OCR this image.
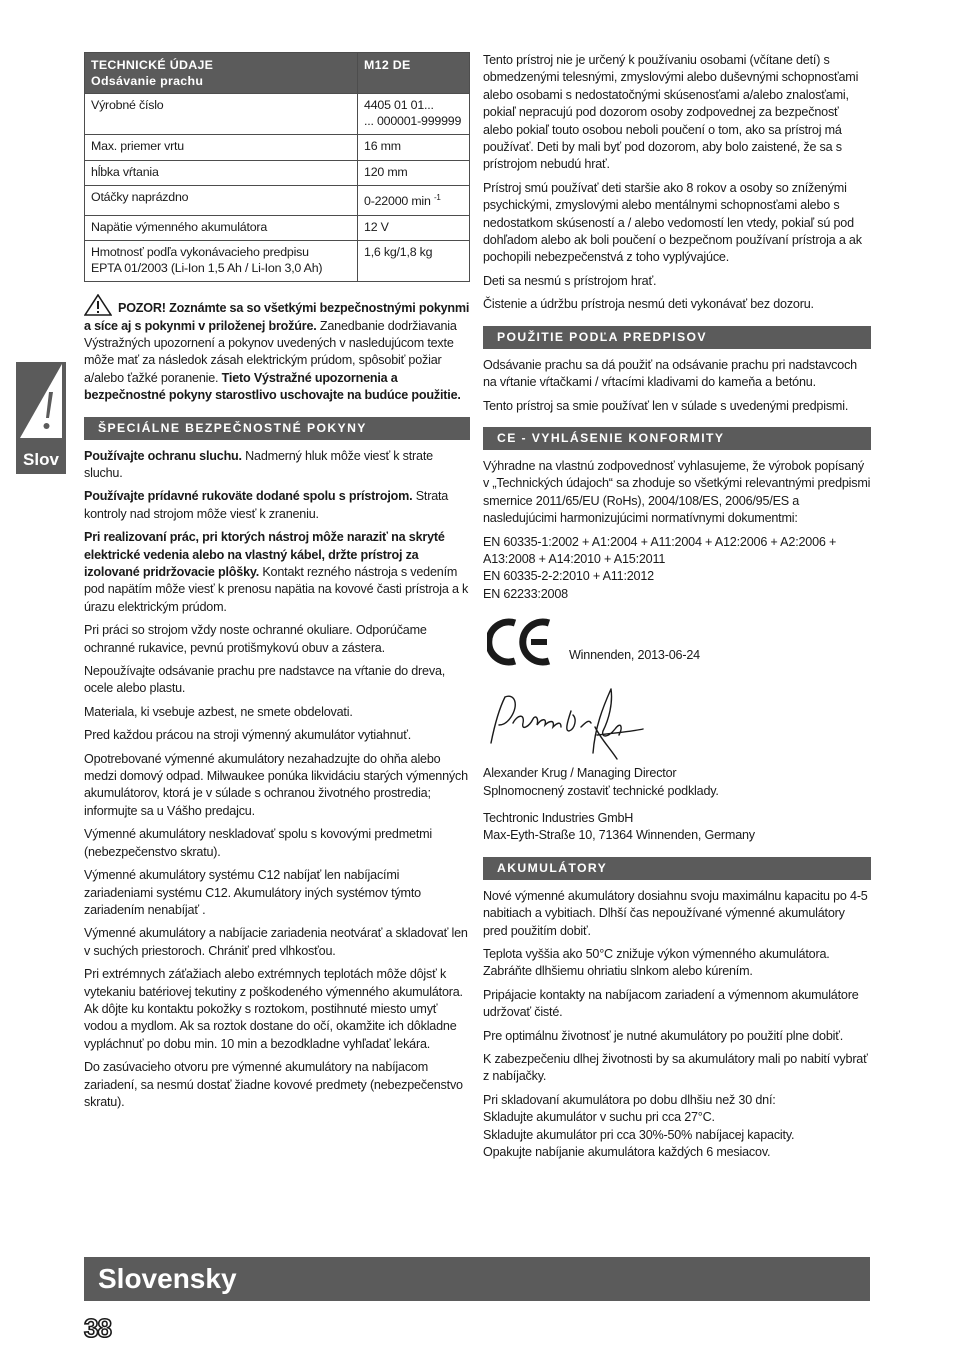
Slov
TECHNICKÉ ÚDAJE
Odsávanie prachu	M12 DE
Výrobné číslo	4405 01 01...
... 000001-999999

Max. priemer vrtu	16 mm
hĺbka vŕtania	120 mm
Otáčky naprázdno	0-22000 min $^{-1}$
Napätie výmenného akumulátora	12 V

Hmotnosť podľa vykonávacieho predpisu
EPTA 01/2003 (Li-Ion 1,5 Ah / Li-Ion 3,0 Ah)	1,6 kg/1,8 kg

POZOR! Zoznámte sa so všetkými bezpečnostnými pokynmi a síce aj s pokynmi v priloženej brožúre. Zanedbanie dodržiavania Výstražných upozornení a pokynov uvedených v nasledujúcom texte môže mať za následok zásah elektrickým prúdom, spôsobiť požiar a/alebo ťažké poranenie. Tieto Výstražné upozornenia a bezpečnostné pokyny starostlivo uschovajte na budúce použitie.

ŠPECIÁLNE BEZPEČNOSTNÉ POKYNY

Používajte ochranu sluchu. Nadmerný hluk môže viesť k strate sluchu.

Používajte prídavné rukoväte dodané spolu s prístrojom. Strata kontroly nad strojom môže viesť k zraneniu.

Pri realizovaní prác, pri ktorých nástroj môže naraziť na skryté elektrické vedenia alebo na vlastný kábel, držte prístroj za izolované pridržovacie plôšky. Kontakt rezného nástroja s vedením pod napätím môže viesť k prenosu napätia na kovové časti prístroja a k úrazu elektrickým prúdom.

Pri práci so strojom vždy noste ochranné okuliare. Odporúčame ochranné rukavice, pevnú protišmykovú obuv a zástera.

Nepoužívajte odsávanie prachu pre nadstavce na vŕtanie do dreva, ocele alebo plastu.

Materiala, ki vsebuje azbest, ne smete obdelovati.

Pred každou prácou na stroji výmenný akumulátor vytiahnuť.

Opotrebované výmenné akumulátory nezahadzujte do ohňa alebo medzi domový odpad. Milwaukee ponúka likvidáciu starých výmenných akumulátorov, ktorá je v súlade s ochranou životného prostredia; informujte sa u Vášho predajcu.

Výmenné akumulátory neskladovať spolu s kovovými predmetmi (nebezpečenstvo skratu).

Výmenné akumulátory systému C12 nabíjať len nabíjacími zariadeniami systému C12. Akumulátory iných systémov týmto zariadením nenabíjať .

Výmenné akumulátory a nabíjacie zariadenia neotvárať a skladovať len v suchých priestoroch. Chrániť pred vlhkosťou.

Pri extrémnych záťažiach alebo extrémnych teplotách môže dôjsť k vytekaniu batériovej tekutiny z poškodeného výmenného akumulátora. Ak dôjte ku kontaktu pokožky s roztokom, postihnuté miesto umyť vodou a mydlom. Ak sa roztok dostane do očí, okamžite ich dôkladne vypláchnuť po dobu min. 10 min a bezodkladne vyhľadať lekára.

Do zasúvacieho otvoru pre výmenné akumulátory na nabíjacom zariadení, sa nesmú dostať žiadne kovové predmety (nebezpečenstvo skratu).

Tento prístroj nie je určený k používaniu osobami (včítane detí) s obmedzenými telesnými, zmyslovými alebo duševnými schopnosťami alebo osobami s nedostatočnými skúsenosťami a/alebo znalosťami, pokiaľ nepracujú pod dozorom osoby zodpovednej za bezpečnosť alebo pokiaľ touto osobou neboli poučení o tom, ako sa prístroj má používať. Deti by mali byť pod dozorom, aby bolo zaistené, že sa s prístrojom nebudú hrať.

Prístroj smú používať deti staršie ako 8 rokov a osoby so zníženými psychickými, zmyslovými alebo mentálnymi schopnosťami alebo s nedostatkom skúseností a / alebo vedomostí len vtedy, pokiaľ sú pod dohľadom alebo ak boli poučení o bezpečnom používaní prístroja a ak pochopili nebezpečenstvá z toho vyplývajúce.

Deti sa nesmú s prístrojom hrať.

Čistenie a údržbu prístroja nesmú deti vykonávať bez dozoru.

POUŽITIE PODĽA PREDPISOV

Odsávanie prachu sa dá použiť na odsávanie prachu pri nadstavcoch na vŕtanie vŕtačkami / vŕtacími kladivami do kameňa a betónu.

Tento prístroj sa smie používať len v súlade s uvedenými predpismi.

CE - VYHLÁSENIE KONFORMITY

Výhradne na vlastnú zodpovednosť vyhlasujeme, že výrobok popísaný v „Technických údajoch“ sa zhoduje so všetkými relevantnými predpismi smernice 2011/65/EU (RoHs), 2004/108/ES, 2006/95/ES a nasledujúcimi harmonizujúcimi normatívnymi dokumentmi:

EN 60335-1:2002 + A1:2004 + A11:2004 + A12:2006 + A2:2006 +
A13:2008 + A14:2010 + A15:2011
EN 60335-2-2:2010 + A11:2012
EN 62233:2008
Winnenden, 2013-06-24
Alexander Krug / Managing Director
Splnomocnený zostaviť technické podklady.
Techtronic Industries GmbH
Max-Eyth-Straße 10, 71364 Winnenden, Germany
AKUMULÁTORY

Nové výmenné akumulátory dosiahnu svoju maximálnu kapacitu po 4-5 nabitiach a vybitiach. Dlhší čas nepoužívané výmenné akumulátory pred použitím dobiť.

Teplota vyššia ako 50°C znižuje výkon výmenného akumulátora. Zabráňte dlhšiemu ohriatiu slnkom alebo kúrením.

Pripájacie kontakty na nabíjacom zariadení a výmennom akumulátore udržovať čisté.

Pre optimálnu životnosť je nutné akumulátory po použití plne dobiť.

K zabezpečeniu dlhej životnosti by sa akumulátory mali po nabití vybrať z nabíjačky.

Pri skladovaní akumulátora po dobu dlhšiu než 30 dní:
Skladujte akumulátor v suchu pri cca 27°C.
Skladujte akumulátor pri cca 30%-50% nabíjacej kapacity.
Opakujte nabíjanie akumulátora každých 6 mesiacov.
Slovensky
38
